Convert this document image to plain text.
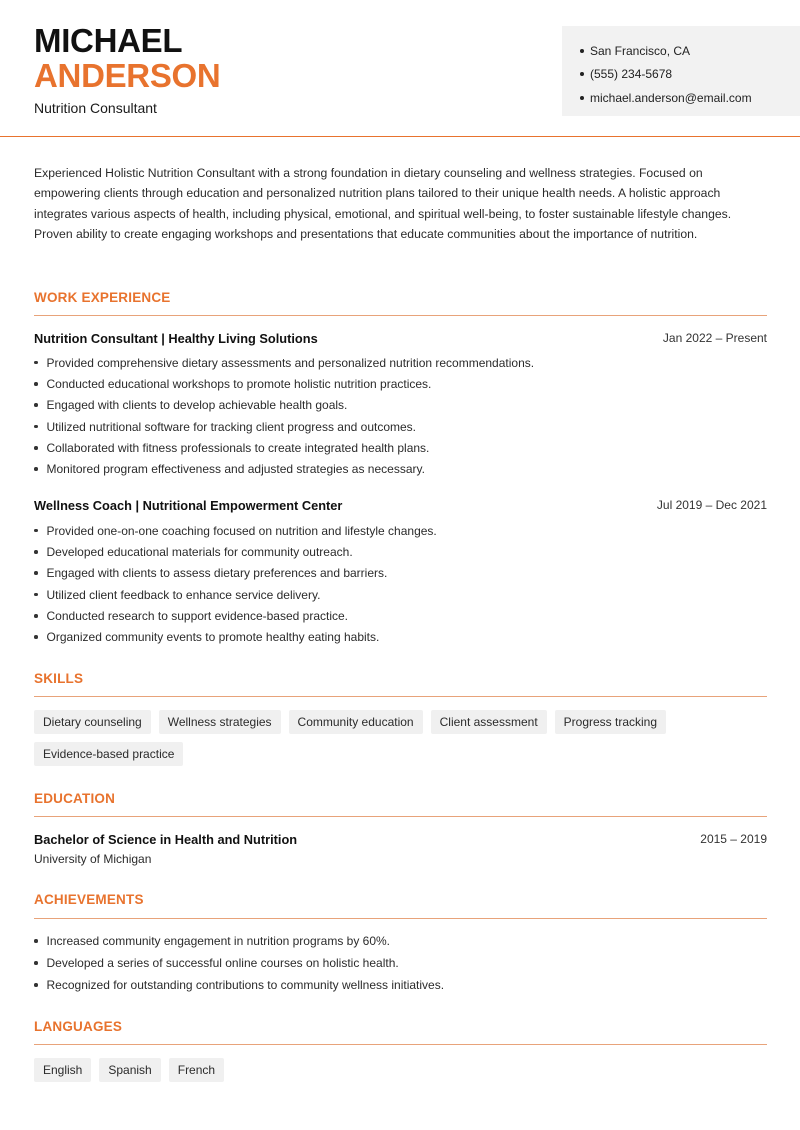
MICHAEL
ANDERSON
Nutrition Consultant
San Francisco, CA
(555) 234-5678
michael.anderson@email.com

Experienced Holistic Nutrition Consultant with a strong foundation in dietary counseling and wellness strategies. Focused on empowering clients through education and personalized nutrition plans tailored to their unique health needs. A holistic approach integrates various aspects of health, including physical, emotional, and spiritual well-being, to foster sustainable lifestyle changes. Proven ability to create engaging workshops and presentations that educate communities about the importance of nutrition.

WORK EXPERIENCE
Nutrition Consultant | Healthy Living Solutions	Jan 2022 – Present
Provided comprehensive dietary assessments and personalized nutrition recommendations.
Conducted educational workshops to promote holistic nutrition practices.
Engaged with clients to develop achievable health goals.
Utilized nutritional software for tracking client progress and outcomes.
Collaborated with fitness professionals to create integrated health plans.
Monitored program effectiveness and adjusted strategies as necessary.
Wellness Coach | Nutritional Empowerment Center	Jul 2019 – Dec 2021
Provided one-on-one coaching focused on nutrition and lifestyle changes.
Developed educational materials for community outreach.
Engaged with clients to assess dietary preferences and barriers.
Utilized client feedback to enhance service delivery.
Conducted research to support evidence-based practice.
Organized community events to promote healthy eating habits.
SKILLS
Dietary counseling	Wellness strategies	Community education	Client assessment	Progress tracking
Evidence-based practice
EDUCATION
Bachelor of Science in Health and Nutrition	2015 – 2019
University of Michigan
ACHIEVEMENTS
Increased community engagement in nutrition programs by 60%.
Developed a series of successful online courses on holistic health.
Recognized for outstanding contributions to community wellness initiatives.
LANGUAGES
English	Spanish	French
